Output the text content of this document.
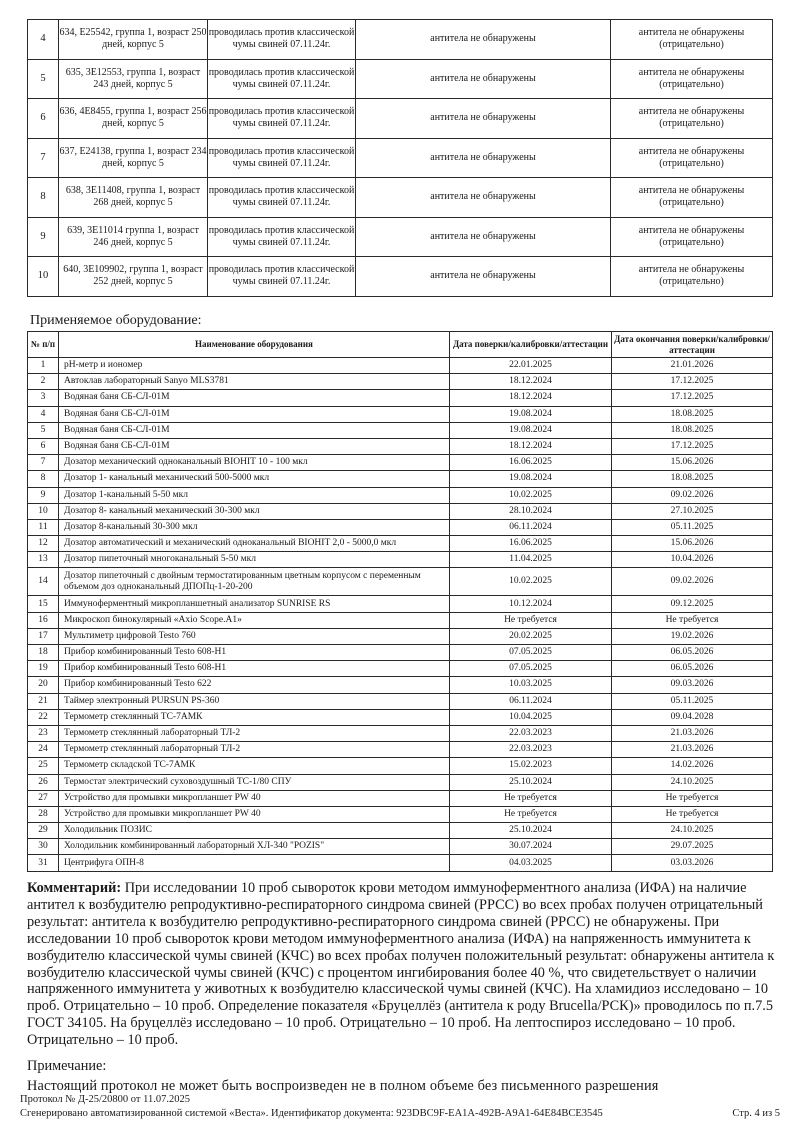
4	634, E25542, группа 1, возраст 250 дней, корпус 5	проводилась против классической чумы свиней 07.11.24г.	антитела не обнаружены	антитела не обнаружены (отрицательно)
5	635, 3E12553, группа 1, возраст 243 дней, корпус 5	проводилась против классической чумы свиней 07.11.24г.	антитела не обнаружены	антитела не обнаружены (отрицательно)
6	636, 4E8455, группа 1, возраст 256 дней, корпус 5	проводилась против классической чумы свиней 07.11.24г.	антитела не обнаружены	антитела не обнаружены (отрицательно)
7	637, E24138, группа 1, возраст 234 дней, корпус 5	проводилась против классической чумы свиней 07.11.24г.	антитела не обнаружены	антитела не обнаружены (отрицательно)
8	638, 3E11408, группа 1, возраст 268 дней, корпус 5	проводилась против классической чумы свиней 07.11.24г.	антитела не обнаружены	антитела не обнаружены (отрицательно)
9	639, 3E11014 группа 1, возраст 246 дней, корпус 5	проводилась против классической чумы свиней 07.11.24г.	антитела не обнаружены	антитела не обнаружены (отрицательно)
10	640, 3E109902, группа 1, возраст 252 дней, корпус 5	проводилась против классической чумы свиней 07.11.24г.	антитела не обнаружены	антитела не обнаружены (отрицательно)
Применяемое оборудование:
№ п/п	Наименование оборудования	Дата поверки/калибровки/аттестации	Дата окончания поверки/калибровки/аттестации
1	pH-метр и иономер	22.01.2025	21.01.2026
2	Автоклав лабораторный Sanyo MLS3781	18.12.2024	17.12.2025
3	Водяная баня СБ-СЛ-01М	18.12.2024	17.12.2025
4	Водяная баня СБ-СЛ-01М	19.08.2024	18.08.2025
5	Водяная баня СБ-СЛ-01М	19.08.2024	18.08.2025
6	Водяная баня СБ-СЛ-01М	18.12.2024	17.12.2025
7	Дозатор механический одноканальный BIOHIT 10 - 100 мкл	16.06.2025	15.06.2026
8	Дозатор 1- канальный механический 500-5000 мкл	19.08.2024	18.08.2025
9	Дозатор 1-канальный 5-50 мкл	10.02.2025	09.02.2026
10	Дозатор 8- канальный механический 30-300 мкл	28.10.2024	27.10.2025
11	Дозатор 8-канальный 30-300 мкл	06.11.2024	05.11.2025
12	Дозатор автоматический и механический одноканальный BIOHIT 2,0 - 5000,0 мкл	16.06.2025	15.06.2026
13	Дозатор пипеточный многоканальный 5-50 мкл	11.04.2025	10.04.2026
14	Дозатор пипеточный с двойным термостатированным цветным корпусом с переменным объемом доз одноканальный ДПОПц-1-20-200	10.02.2025	09.02.2026
15	Иммуноферментный микропланшетный анализатор SUNRISE RS	10.12.2024	09.12.2025
16	Микроскоп бинокулярный «Axio Scope.A1»	Не требуется	Не требуется
17	Мультиметр цифровой Testo 760	20.02.2025	19.02.2026
18	Прибор комбинированный Testo 608-H1	07.05.2025	06.05.2026
19	Прибор комбинированный Testo 608-H1	07.05.2025	06.05.2026
20	Прибор комбинированный Testo 622	10.03.2025	09.03.2026
21	Таймер электронный PURSUN PS-360	06.11.2024	05.11.2025
22	Термометр стеклянный ТС-7АМК	10.04.2025	09.04.2028
23	Термометр стеклянный лабораторный ТЛ-2	22.03.2023	21.03.2026
24	Термометр стеклянный лабораторный ТЛ-2	22.03.2023	21.03.2026
25	Термометр складской ТС-7АМК	15.02.2023	14.02.2026
26	Термостат электрический суховоздушный ТС-1/80 СПУ	25.10.2024	24.10.2025
27	Устройство для промывки микропланшет PW 40	Не требуется	Не требуется
28	Устройство для промывки микропланшет PW 40	Не требуется	Не требуется
29	Холодильник ПОЗИС	25.10.2024	24.10.2025
30	Холодильник комбинированный лабораторный ХЛ-340 "POZIS"	30.07.2024	29.07.2025
31	Центрифуга ОПН-8	04.03.2025	03.03.2026
Комментарий: При исследовании 10 проб сывороток крови методом иммуноферментного анализа (ИФА) на наличие антител к возбудителю репродуктивно-респираторного синдрома свиней (РРСС) во всех пробах получен отрицательный результат: антитела к возбудителю репродуктивно-респираторного синдрома свиней (РРСС) не обнаружены. При исследовании 10 проб сывороток крови методом иммуноферментного анализа (ИФА) на напряженность иммунитета к возбудителю классической чумы свиней (КЧС) во всех пробах получен положительный результат: обнаружены антитела к возбудителю классической чумы свиней (КЧС) с процентом ингибирования более 40 %, что свидетельствует о наличии напряженного иммунитета у животных к возбудителю классической чумы свиней (КЧС). На хламидиоз исследовано – 10 проб. Отрицательно – 10 проб. Определение показателя «Бруцеллёз (антитела к роду Brucella/РСК)» проводилось по п.7.5 ГОСТ 34105. На бруцеллёз исследовано – 10 проб. Отрицательно – 10 проб. На лептоспироз исследовано – 10 проб. Отрицательно – 10 проб.
Примечание:
Настоящий протокол не может быть воспроизведен не в полном объеме без письменного разрешения
Протокол № Д-25/20800 от 11.07.2025
Сгенерировано автоматизированной системой «Веста». Идентификатор документа: 923DBC9F-EA1A-492B-A9A1-64E84BCE3545	Стр. 4 из 5
